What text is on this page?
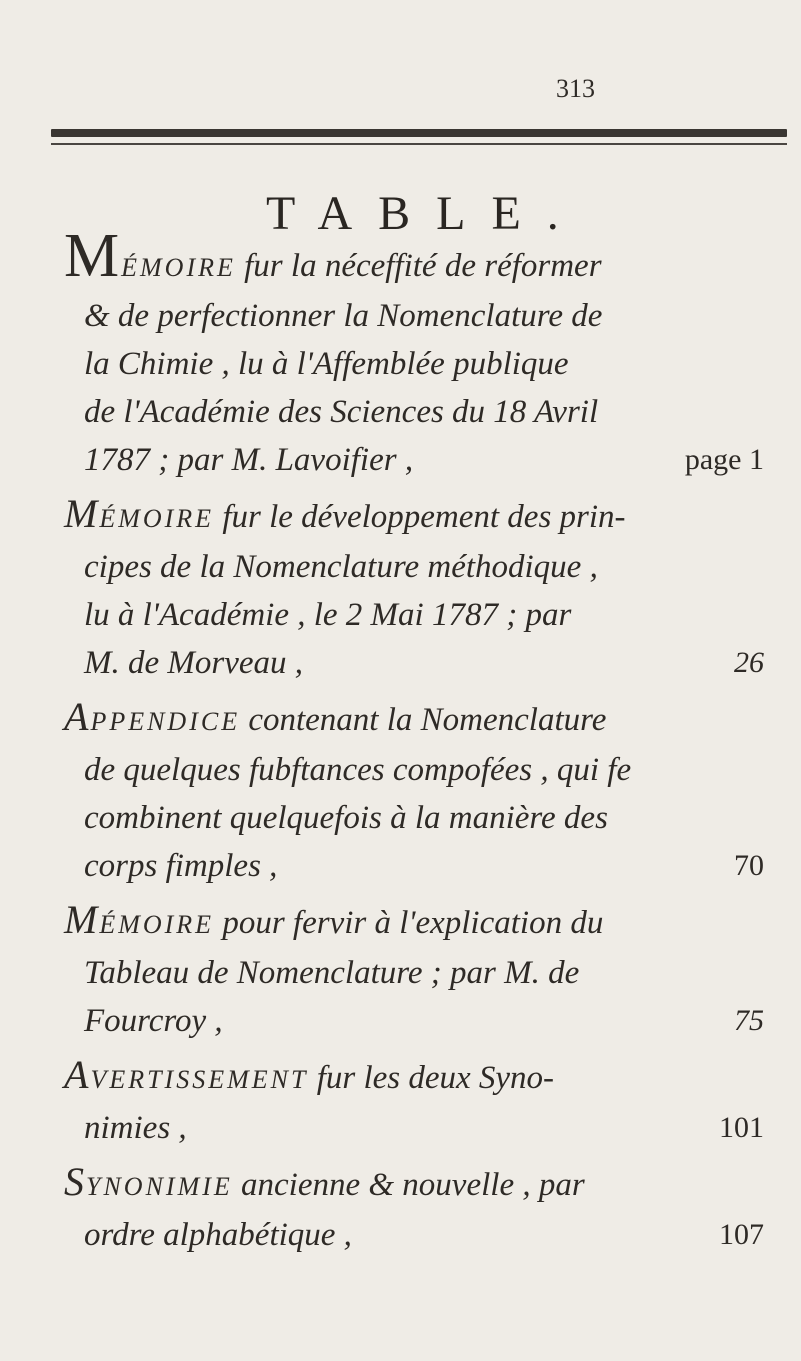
313
TABLE.
MÉMOIRE fur la néceffité de réformer
& de perfectionner la Nomenclature de
la Chimie , lu à l'Affemblée publique
de l'Académie des Sciences du 18 Avril
1787 ; par M. Lavoifier ,	page 1
MÉMOIRE fur le développement des prin-
cipes de la Nomenclature méthodique ,
lu à l'Académie , le 2 Mai 1787 ; par
M. de Morveau ,	26
APPENDICE contenant la Nomenclature
de quelques fubftances compofées , qui fe
combinent quelquefois à la manière des
corps fimples ,	70
MÉMOIRE pour fervir à l'explication du
Tableau de Nomenclature ; par M. de
Fourcroy ,	75
AVERTISSEMENT fur les deux Syno-
nimies ,	101
SYNONIMIE ancienne & nouvelle , par
ordre alphabétique ,	107
